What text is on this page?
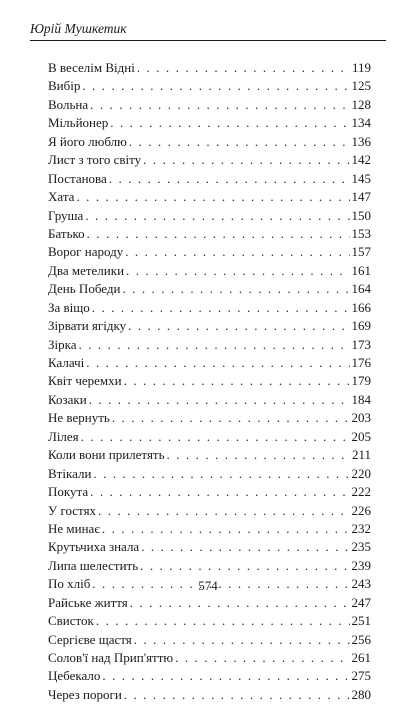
Юрій Мушкетик
В веселім Відні . . .	119
Вибір . . .	125
Вольна . . .	128
Мільйонер . . .	134
Я його люблю . . .	136
Лист з того світу . . .	142
Постанова . . .	145
Хата . . .	147
Груша . . .	150
Батько . . .	153
Ворог народу . . .	157
Два метелики . . .	161
День Победи . . .	164
За віщо . . .	166
Зірвати ягідку . . .	169
Зірка . . .	173
Калачі . . .	176
Квіт черемхи . . .	179
Козаки . . .	184
Не вернуть . . .	203
Лілея . . .	205
Коли вони прилетять . . .	211
Втікали . . .	220
Покута . . .	222
У гостях . . .	226
Не минає . . .	232
Крутьчиха знала . . .	235
Липа шелестить . . .	239
По хліб . . .	243
Райське життя . . .	247
Свисток . . .	251
Сергієве щастя . . .	256
Солов'ї над Прип'яттю . . .	261
Цебекало . . .	275
Через пороги . . .	280
574
